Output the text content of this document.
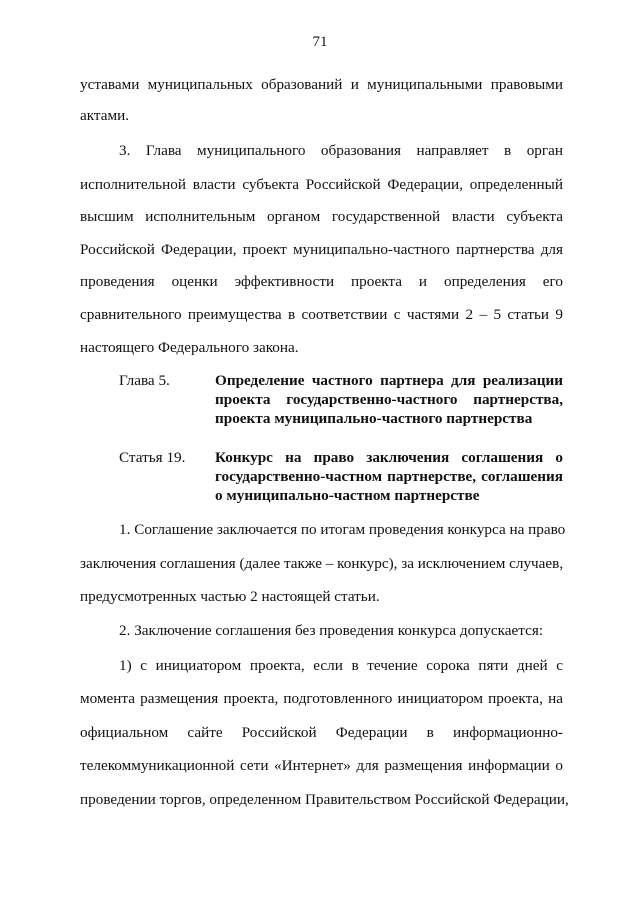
71
уставами муниципальных образований и муниципальными правовыми
актами.
3. Глава муниципального образования направляет в орган
исполнительной власти субъекта Российской Федерации, определенный
высшим исполнительным органом государственной власти субъекта
Российской Федерации, проект муниципально-частного партнерства для
проведения оценки эффективности проекта и определения его
сравнительного преимущества в соответствии с частями 2 – 5 статьи 9
настоящего Федерального закона.
Глава 5.	Определение частного партнера для реализации
проекта государственно-частного партнерства,
проекта муниципально-частного партнерства
Статья 19. Конкурс на право заключения соглашения о
государственно-частном партнерстве, соглашения
о муниципально-частном партнерстве
1. Соглашение заключается по итогам проведения конкурса на право
заключения соглашения (далее также – конкурс), за исключением случаев,
предусмотренных частью 2 настоящей статьи.
2. Заключение соглашения без проведения конкурса допускается:
1) с инициатором проекта, если в течение сорока пяти дней с
момента размещения проекта, подготовленного инициатором проекта, на
официальном сайте Российской Федерации в информационно-
телекоммуникационной сети «Интернет» для размещения информации о
проведении торгов, определенном Правительством Российской Федерации,
